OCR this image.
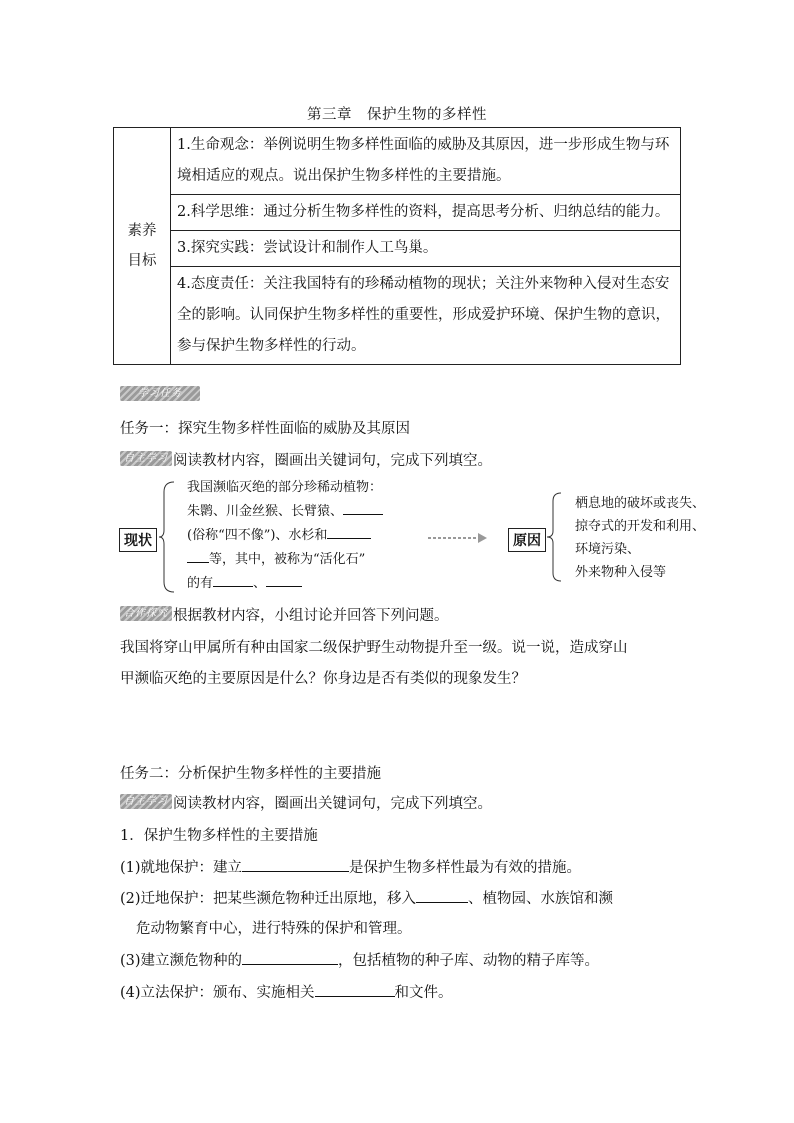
第三章　保护生物的多样性
素养
目标
	1.生命观念：举例说明生物多样性面临的威胁及其原因，进一步形成生物与环境相适应的观点。说出保护生物多样性的主要措施。
2.科学思维：通过分析生物多样性的资料，提高思考分析、归纳总结的能力。
3.探究实践：尝试设计和制作人工鸟巢。
4.态度责任：关注我国特有的珍稀动植物的现状；关注外来物种入侵对生态安全的影响。认同保护生物多样性的重要性，形成爱护环境、保护生物的意识，参与保护生物多样性的行动。
学习任务
任务一：探究生物多样性面临的威胁及其原因
自主学习 阅读教材内容，圈画出关键词句，完成下列填空。
现状
我国濒临灭绝的部分珍稀动植物：
朱鹮、川金丝猴、长臂猿、
(俗称“四不像”)、水杉和
等，其中，被称为“活化石”
的有	、
原因
栖息地的破坏或丧失、
掠夺式的开发和利用、
环境污染、
外来物种入侵等
合作探究 根据教材内容，小组讨论并回答下列问题。
我国将穿山甲属所有种由国家二级保护野生动物提升至一级。说一说，造成穿山
甲濒临灭绝的主要原因是什么？你身边是否有类似的现象发生？
任务二：分析保护生物多样性的主要措施
自主学习 阅读教材内容，圈画出关键词句，完成下列填空。
1．保护生物多样性的主要措施
(1)就地保护：建立	是保护生物多样性最为有效的措施。
(2)迁地保护：把某些濒危物种迁出原地，移入	、植物园、水族馆和濒
危动物繁育中心，进行特殊的保护和管理。
(3)建立濒危物种的	，包括植物的种子库、动物的精子库等。
(4)立法保护：颁布、实施相关	和文件。
